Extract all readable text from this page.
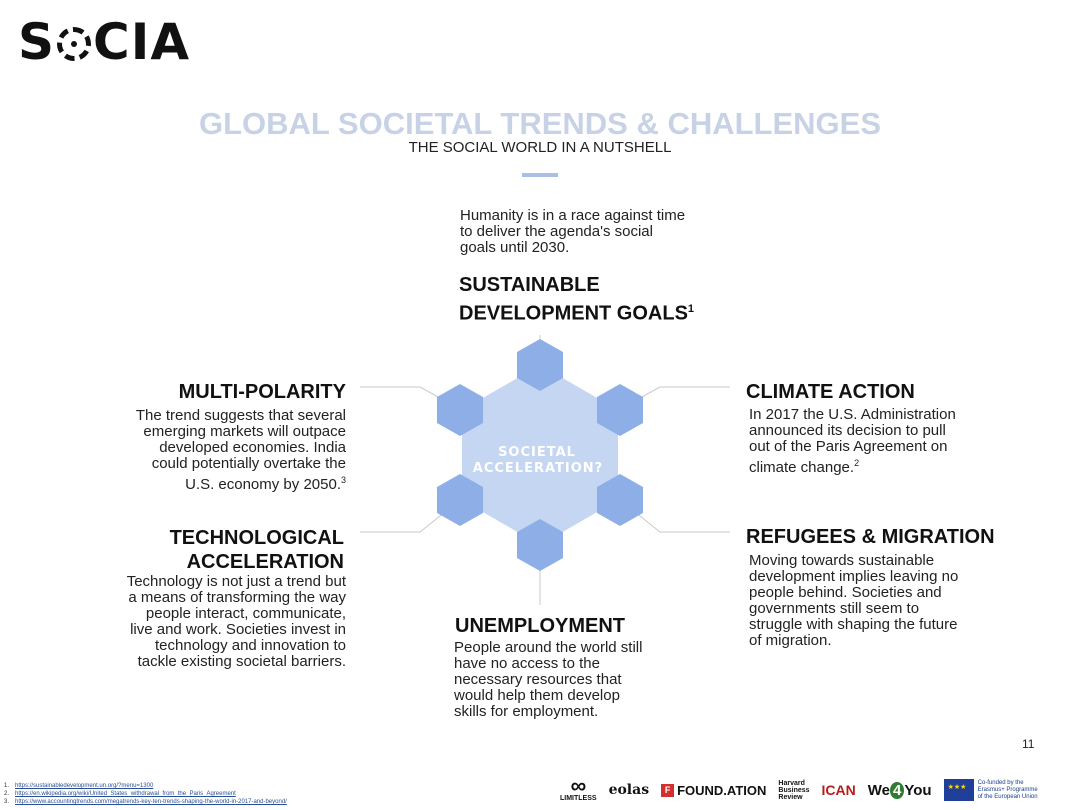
S CIA
GLOBAL SOCIETAL TRENDS & CHALLENGES
THE SOCIAL WORLD IN A NUTSHELL
SOCIETAL
ACCELERATION?
Humanity is in a race against time to deliver the agenda's social goals until 2030.
SUSTAINABLE DEVELOPMENT GOALS$^1$
MULTI-POLARITY
The trend suggests that several emerging markets will outpace developed economies. India could potentially overtake the U.S. economy by 2050.$^3$
TECHNOLOGICAL ACCELERATION
Technology is not just a trend but a means of transforming the way people interact, communicate, live and work. Societies invest in technology and innovation to tackle existing societal barriers.
CLIMATE ACTION
In 2017 the U.S. Administration announced its decision to pull out of the Paris Agreement on climate change.$^2$
REFUGEES & MIGRATION
Moving towards sustainable development implies leaving no people behind. Societies and governments still seem to struggle with shaping the future of migration.
UNEMPLOYMENT
People around the world still have no access to the necessary resources that would help them develop skills for employment.
11
1. https://sustainabledevelopment.un.org/?menu=1300
2. https://en.wikipedia.org/wiki/United_States_withdrawal_from_the_Paris_Agreement
3. https://www.accountingtrends.com/megatrends-key-ten-trends-shaping-the-world-in-2017-and-beyond/
∞
LIMITLESS
eolas	F FOUND.ATION Harvard
Business
Review	ICAN We 4 You
★★★	Co-funded by the
Erasmus+ Programme
of the European Union
